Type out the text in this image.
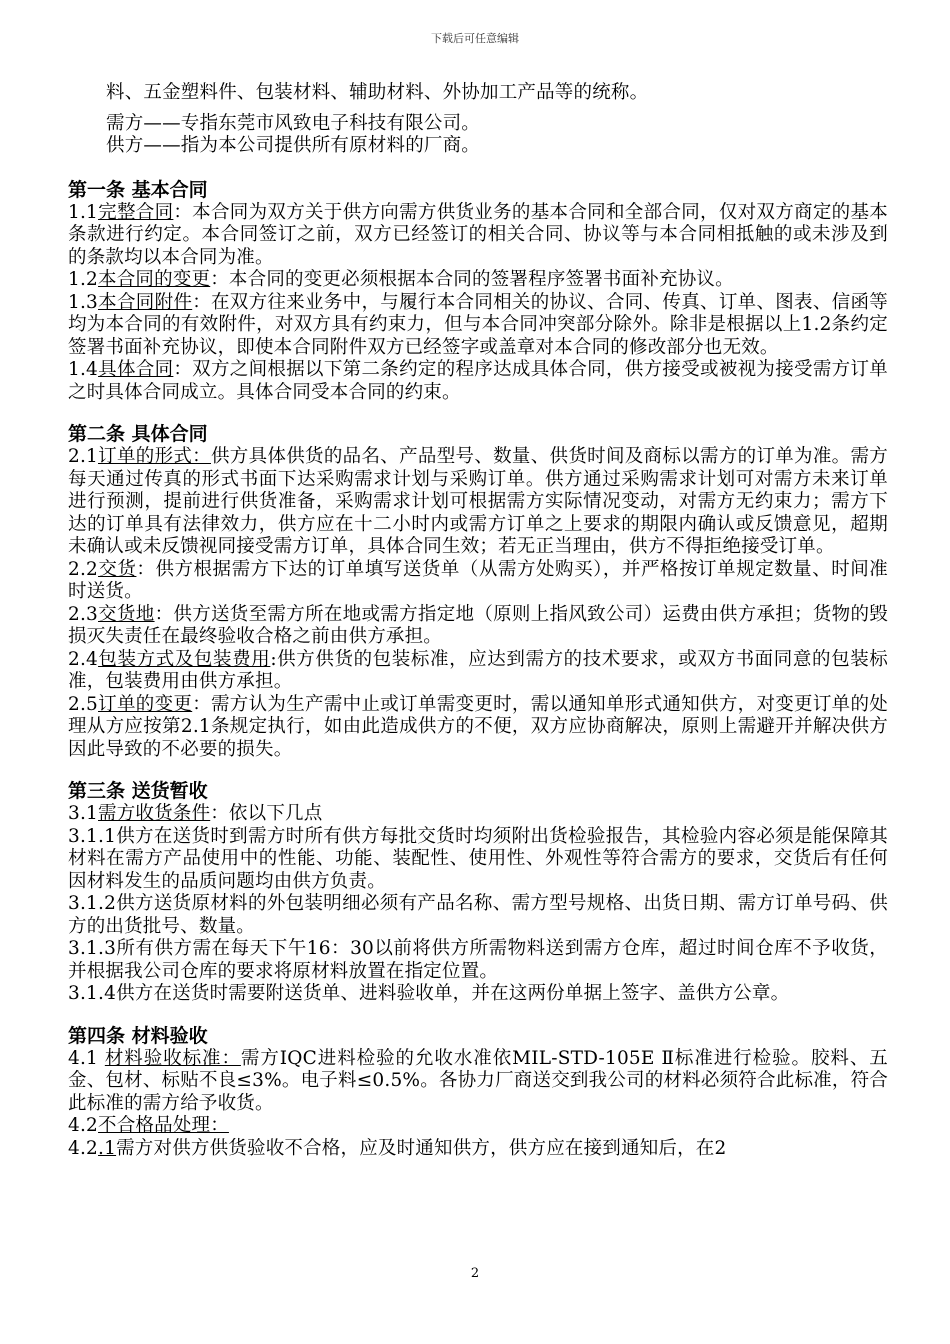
下载后可任意编辑

料、五金塑料件、包装材料、辅助材料、外协加工产品等的统称。

需方——专指东莞市风致电子科技有限公司。

供方——指为本公司提供所有原材料的厂商。

第一条 基本合同

1.1完整合同：本合同为双方关于供方向需方供货业务的基本合同和全部合同，仅对双方商定的基本条款进行约定。本合同签订之前，双方已经签订的相关合同、协议等与本合同相抵触的或未涉及到的条款均以本合同为准。

1.2本合同的变更：本合同的变更必须根据本合同的签署程序签署书面补充协议。

1.3本合同附件：在双方往来业务中，与履行本合同相关的协议、合同、传真、订单、图表、信函等均为本合同的有效附件，对双方具有约束力，但与本合同冲突部分除外。除非是根据以上1.2条约定签署书面补充协议，即使本合同附件双方已经签字或盖章对本合同的修改部分也无效。

1.4具体合同：双方之间根据以下第二条约定的程序达成具体合同，供方接受或被视为接受需方订单之时具体合同成立。具体合同受本合同的约束。

第二条 具体合同

2.1订单的形式：供方具体供货的品名、产品型号、数量、供货时间及商标以需方的订单为准。需方每天通过传真的形式书面下达采购需求计划与采购订单。供方通过采购需求计划可对需方未来订单进行预测，提前进行供货准备，采购需求计划可根据需方实际情况变动，对需方无约束力；需方下达的订单具有法律效力，供方应在十二小时内或需方订单之上要求的期限内确认或反馈意见，超期未确认或未反馈视同接受需方订单，具体合同生效；若无正当理由，供方不得拒绝接受订单。

2.2交货：供方根据需方下达的订单填写送货单（从需方处购买），并严格按订单规定数量、时间准时送货。

2.3交货地：供方送货至需方所在地或需方指定地（原则上指风致公司）运费由供方承担；货物的毁损灭失责任在最终验收合格之前由供方承担。

2.4包装方式及包装费用:供方供货的包装标准，应达到需方的技术要求，或双方书面同意的包装标准，包装费用由供方承担。

2.5订单的变更：需方认为生产需中止或订单需变更时，需以通知单形式通知供方，对变更订单的处理从方应按第2.1条规定执行，如由此造成供方的不便，双方应协商解决，原则上需避开并解决供方因此导致的不必要的损失。

第三条 送货暂收

3.1需方收货条件：依以下几点

3.1.1供方在送货时到需方时所有供方每批交货时均须附出货检验报告，其检验内容必须是能保障其材料在需方产品使用中的性能、功能、装配性、使用性、外观性等符合需方的要求，交货后有任何因材料发生的品质问题均由供方负责。

3.1.2供方送货原材料的外包装明细必须有产品名称、需方型号规格、出货日期、需方订单号码、供方的出货批号、数量。

3.1.3所有供方需在每天下午16：30以前将供方所需物料送到需方仓库，超过时间仓库不予收货，并根据我公司仓库的要求将原材料放置在指定位置。

3.1.4供方在送货时需要附送货单、进料验收单，并在这两份单据上签字、盖供方公章。

第四条 材料验收

4.1 材料验收标准：需方IQC进料检验的允收水准依MIL-STD-105E Ⅱ标准进行检验。胶料、五金、包材、标贴不良≤3%。电子料≤0.5%。各协力厂商送交到我公司的材料必须符合此标准，符合此标准的需方给予收货。

4.2不合格品处理：

4.2.1需方对供方供货验收不合格，应及时通知供方，供方应在接到通知后，在2

2
